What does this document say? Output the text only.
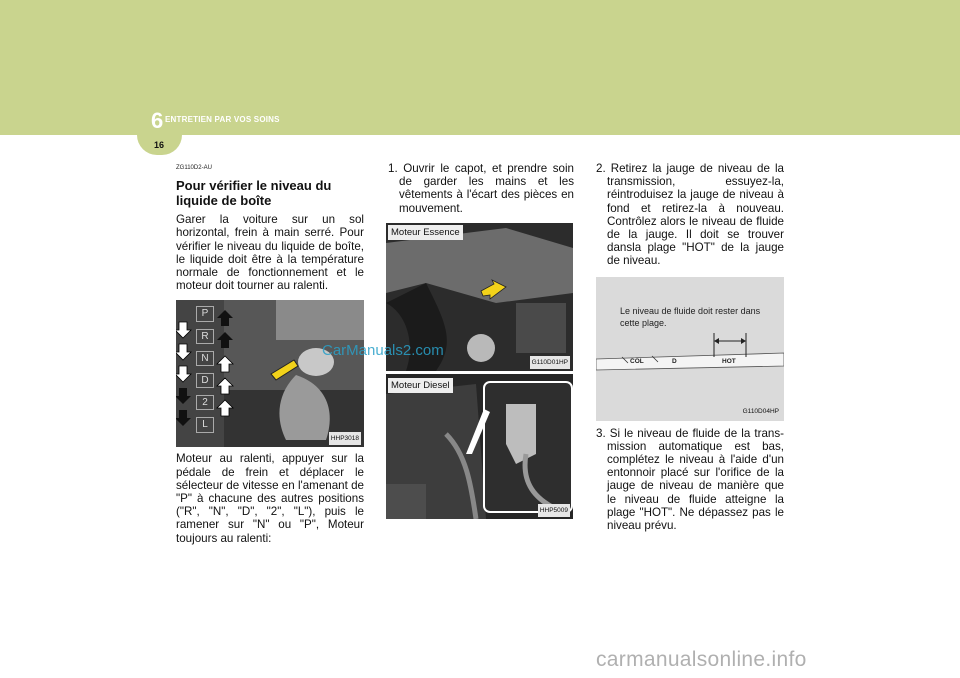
6 ENTRETIEN PAR VOS SOINS
16
ZG110D2-AU
Pour vérifier le niveau du liquide de boîte

Garer la voiture sur un sol horizontal, frein à main serré. Pour vérifier le niveau du liquide de boîte, le liquide doit être à la température normale de fonctionnement et le moteur doit tourner au ralenti.

P
R
N
D
2
L
HHP3018

Moteur au ralenti, appuyer sur la pédale de frein et déplacer le sélecteur de vitesse en l'amenant de "P" à chacune des autres positions ("R", "N", "D", "2", "L"), puis le ramener sur "N" ou "P", Moteur toujours au ralenti:

1. Ouvrir le capot, et prendre soin de garder les mains et les vêtements à l'écart des pièces en mouvement.

Moteur Essence
G110D01HP
Moteur Diesel
HHP5009

2. Retirez la jauge de niveau de la transmission, essuyez-la, réintroduisez la jauge de niveau à fond et retirez-la à nouveau. Contrôlez alors le niveau de fluide de la jauge. Il doit se trouver dansla plage "HOT" de la jauge de niveau.

Le niveau de fluide doit rester dans cette plage.
COL	D	HOT
G110D04HP

3. Si le niveau de fluide de la trans- mission automatique est bas, complétez le niveau à l'aide d'un entonnoir placé sur l'orifice de la jauge de niveau de manière que le niveau de fluide atteigne la plage "HOT". Ne dépassez pas le niveau prévu.

CarManuals2.com
carmanualsonline.info
